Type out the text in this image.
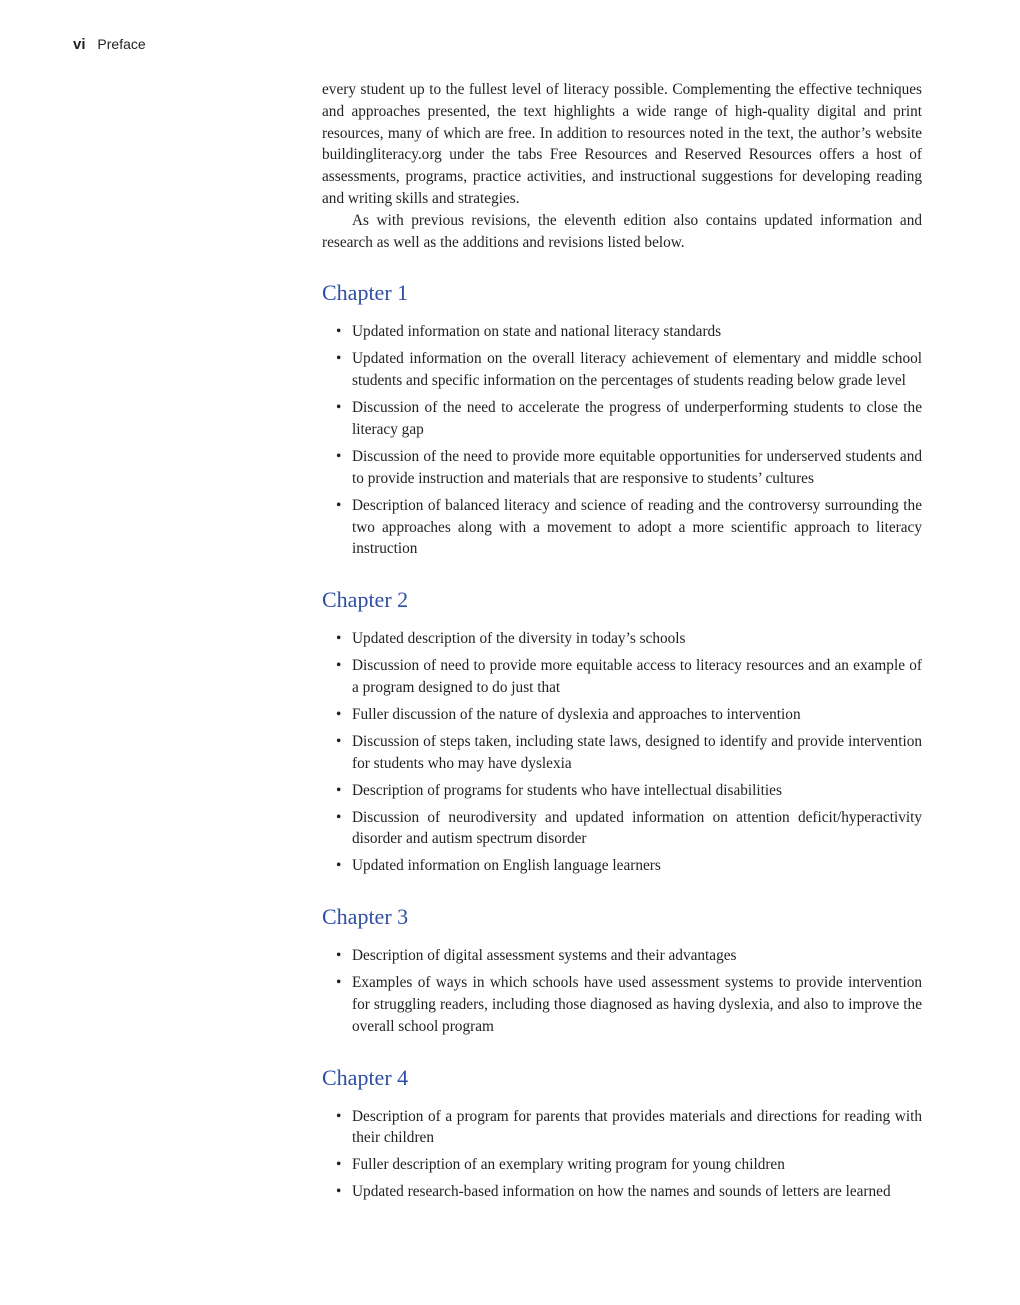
vi Preface

every student up to the fullest level of literacy possible. Complementing the effective techniques and approaches presented, the text highlights a wide range of high-quality digital and print resources, many of which are free. In addition to resources noted in the text, the author’s website buildingliteracy.org under the tabs Free Resources and Reserved Resources offers a host of assessments, programs, practice activities, and instructional suggestions for developing reading and writing skills and strategies.

As with previous revisions, the eleventh edition also contains updated information and research as well as the additions and revisions listed below.

Chapter 1
• Updated information on state and national literacy standards
• Updated information on the overall literacy achievement of elementary and middle school students and specific information on the percentages of students reading below grade level
• Discussion of the need to accelerate the progress of underperforming students to close the literacy gap
• Discussion of the need to provide more equitable opportunities for underserved students and to provide instruction and materials that are responsive to students’ cultures
• Description of balanced literacy and science of reading and the controversy surrounding the two approaches along with a movement to adopt a more scientific approach to literacy instruction
Chapter 2
• Updated description of the diversity in today’s schools
• Discussion of need to provide more equitable access to literacy resources and an example of a program designed to do just that
• Fuller discussion of the nature of dyslexia and approaches to intervention
• Discussion of steps taken, including state laws, designed to identify and provide intervention for students who may have dyslexia
• Description of programs for students who have intellectual disabilities
• Discussion of neurodiversity and updated information on attention deficit/hyperactivity disorder and autism spectrum disorder
• Updated information on English language learners
Chapter 3
• Description of digital assessment systems and their advantages
• Examples of ways in which schools have used assessment systems to provide intervention for struggling readers, including those diagnosed as having dyslexia, and also to improve the overall school program
Chapter 4
• Description of a program for parents that provides materials and directions for reading with their children
• Fuller description of an exemplary writing program for young children
• Updated research-based information on how the names and sounds of letters are learned
